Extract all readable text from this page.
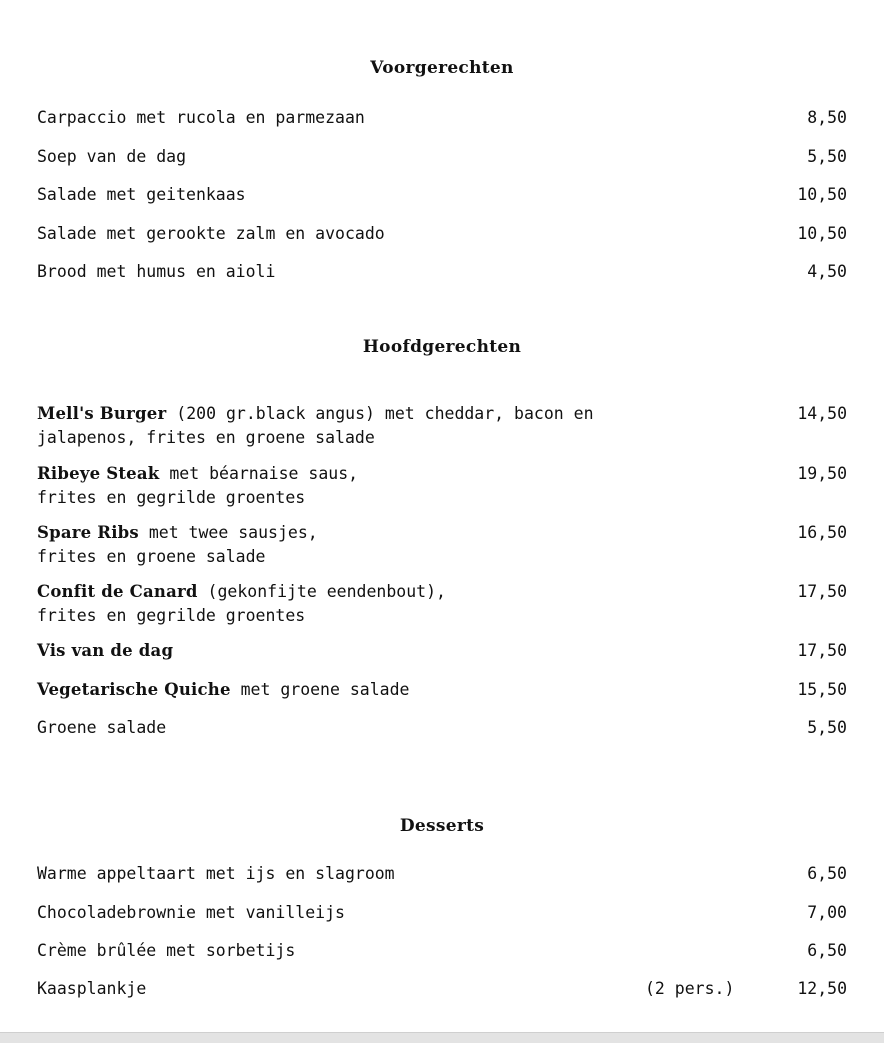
Voorgerechten
Carpaccio met rucola en parmezaan	8,50
Soep van de dag	5,50
Salade met geitenkaas	10,50
Salade met gerookte zalm en avocado	10,50
Brood met humus en aioli	4,50
Hoofdgerechten
Mell's Burger (200 gr.black angus) met cheddar, bacon en
jalapenos, frites en groene salade
14,50
Ribeye Steak met béarnaise saus,
frites en gegrilde groentes
19,50
Spare Ribs met twee sausjes,
frites en groene salade
16,50
Confit de Canard (gekonfijte eendenbout),
frites en gegrilde groentes
17,50
Vis van de dag	17,50
Vegetarische Quiche met groene salade	15,50
Groene salade	5,50
Desserts
Warme appeltaart met ijs en slagroom	6,50
Chocoladebrownie met vanilleijs	7,00
Crème brûlée met sorbetijs	6,50
Kaasplankje	(2 pers.)	12,50
